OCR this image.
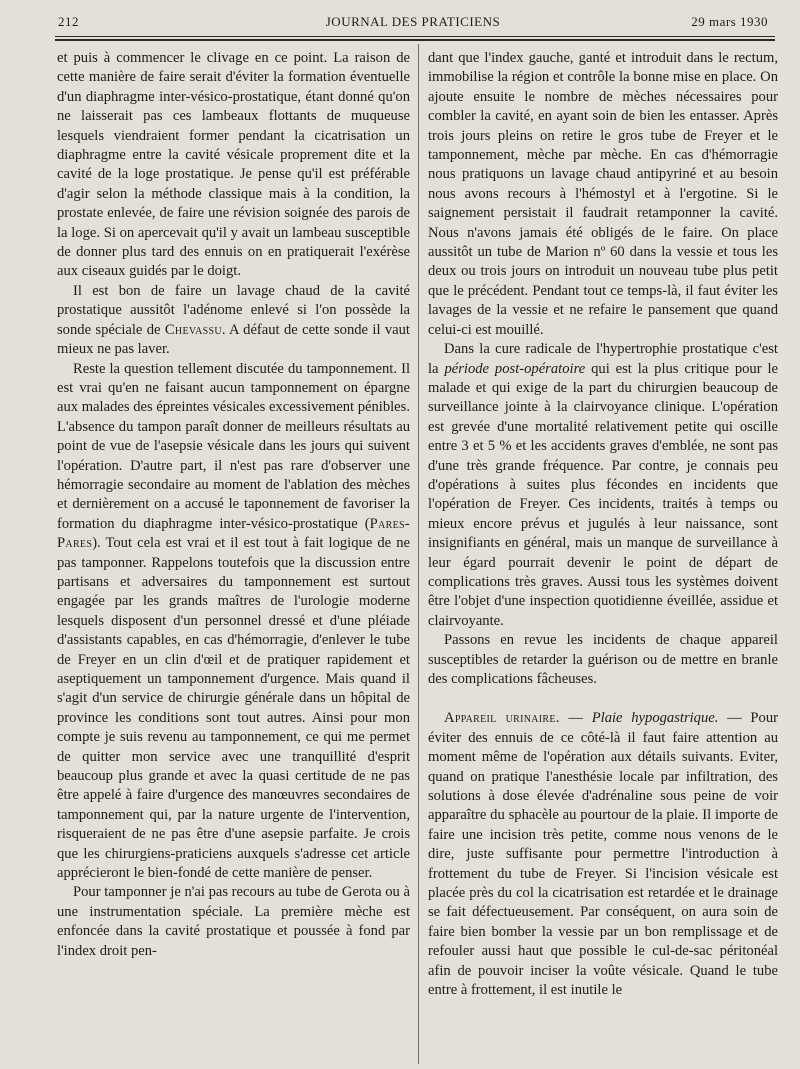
212	JOURNAL DES PRATICIENS	29 mars 1930

et puis à commencer le clivage en ce point. La raison de cette manière de faire serait d'éviter la formation éventuelle d'un diaphragme inter-vésico-prostatique, étant donné qu'on ne laisserait pas ces lambeaux flottants de muqueuse lesquels viendraient former pendant la cicatrisation un diaphragme entre la cavité vésicale proprement dite et la cavité de la loge prostatique. Je pense qu'il est préférable d'agir selon la méthode classique mais à la condition, la prostate enlevée, de faire une révision soignée des parois de la loge. Si on apercevait qu'il y avait un lambeau susceptible de donner plus tard des ennuis on en pratiquerait l'exérèse aux ciseaux guidés par le doigt.

Il est bon de faire un lavage chaud de la cavité prostatique aussitôt l'adénome enlevé si l'on possède la sonde spéciale de Chevassu. A défaut de cette sonde il vaut mieux ne pas laver.

Reste la question tellement discutée du tamponnement. Il est vrai qu'en ne faisant aucun tamponnement on épargne aux malades des épreintes vésicales excessivement pénibles. L'absence du tampon paraît donner de meilleurs résultats au point de vue de l'asepsie vésicale dans les jours qui suivent l'opération. D'autre part, il n'est pas rare d'observer une hémorragie secondaire au moment de l'ablation des mèches et dernièrement on a accusé le taponnement de favoriser la formation du diaphragme inter-vésico-prostatique (Pares-Pares). Tout cela est vrai et il est tout à fait logique de ne pas tamponner. Rappelons toutefois que la discussion entre partisans et adversaires du tamponnement est surtout engagée par les grands maîtres de l'urologie moderne lesquels disposent d'un personnel dressé et d'une pléiade d'assistants capables, en cas d'hémorragie, d'enlever le tube de Freyer en un clin d'œil et de pratiquer rapidement et aseptiquement un tamponnement d'urgence. Mais quand il s'agit d'un service de chirurgie générale dans un hôpital de province les conditions sont tout autres. Ainsi pour mon compte je suis revenu au tamponnement, ce qui me permet de quitter mon service avec une tranquillité d'esprit beaucoup plus grande et avec la quasi certitude de ne pas être appelé à faire d'urgence des manœuvres secondaires de tamponnement qui, par la nature urgente de l'intervention, risqueraient de ne pas être d'une asepsie parfaite. Je crois que les chirurgiens-praticiens auxquels s'adresse cet article apprécieront le bien-fondé de cette manière de penser.

Pour tamponner je n'ai pas recours au tube de Gerota ou à une instrumentation spéciale. La première mèche est enfoncée dans la cavité prostatique et poussée à fond par l'index droit pen-

dant que l'index gauche, ganté et introduit dans le rectum, immobilise la région et contrôle la bonne mise en place. On ajoute ensuite le nombre de mèches nécessaires pour combler la cavité, en ayant soin de bien les entasser. Après trois jours pleins on retire le gros tube de Freyer et le tamponnement, mèche par mèche. En cas d'hémorragie nous pratiquons un lavage chaud antipyriné et au besoin nous avons recours à l'hémostyl et à l'ergotine. Si le saignement persistait il faudrait retamponner la cavité. Nous n'avons jamais été obligés de le faire. On place aussitôt un tube de Marion nº 60 dans la vessie et tous les deux ou trois jours on introduit un nouveau tube plus petit que le précédent. Pendant tout ce temps-là, il faut éviter les lavages de la vessie et ne refaire le pansement que quand celui-ci est mouillé.

Dans la cure radicale de l'hypertrophie prostatique c'est la période post-opératoire qui est la plus critique pour le malade et qui exige de la part du chirurgien beaucoup de surveillance jointe à la clairvoyance clinique. L'opération est grevée d'une mortalité relativement petite qui oscille entre 3 et 5 % et les accidents graves d'emblée, ne sont pas d'une très grande fréquence. Par contre, je connais peu d'opérations à suites plus fécondes en incidents que l'opération de Freyer. Ces incidents, traités à temps ou mieux encore prévus et jugulés à leur naissance, sont insignifiants en général, mais un manque de surveillance à leur égard pourrait devenir le point de départ de complications très graves. Aussi tous les systèmes doivent être l'objet d'une inspection quotidienne éveillée, assidue et clairvoyante.

Passons en revue les incidents de chaque appareil susceptibles de retarder la guérison ou de mettre en branle des complications fâcheuses.

Appareil urinaire. — Plaie hypogastrique. — Pour éviter des ennuis de ce côté-là il faut faire attention au moment même de l'opération aux détails suivants. Eviter, quand on pratique l'anesthésie locale par infiltration, des solutions à dose élevée d'adrénaline sous peine de voir apparaître du sphacèle au pourtour de la plaie. Il importe de faire une incision très petite, comme nous venons de le dire, juste suffisante pour permettre l'introduction à frottement du tube de Freyer. Si l'incision vésicale est placée près du col la cicatrisation est retardée et le drainage se fait défectueusement. Par conséquent, on aura soin de faire bien bomber la vessie par un bon remplissage et de refouler aussi haut que possible le cul-de-sac péritonéal afin de pouvoir inciser la voûte vésicale. Quand le tube entre à frottement, il est inutile le
